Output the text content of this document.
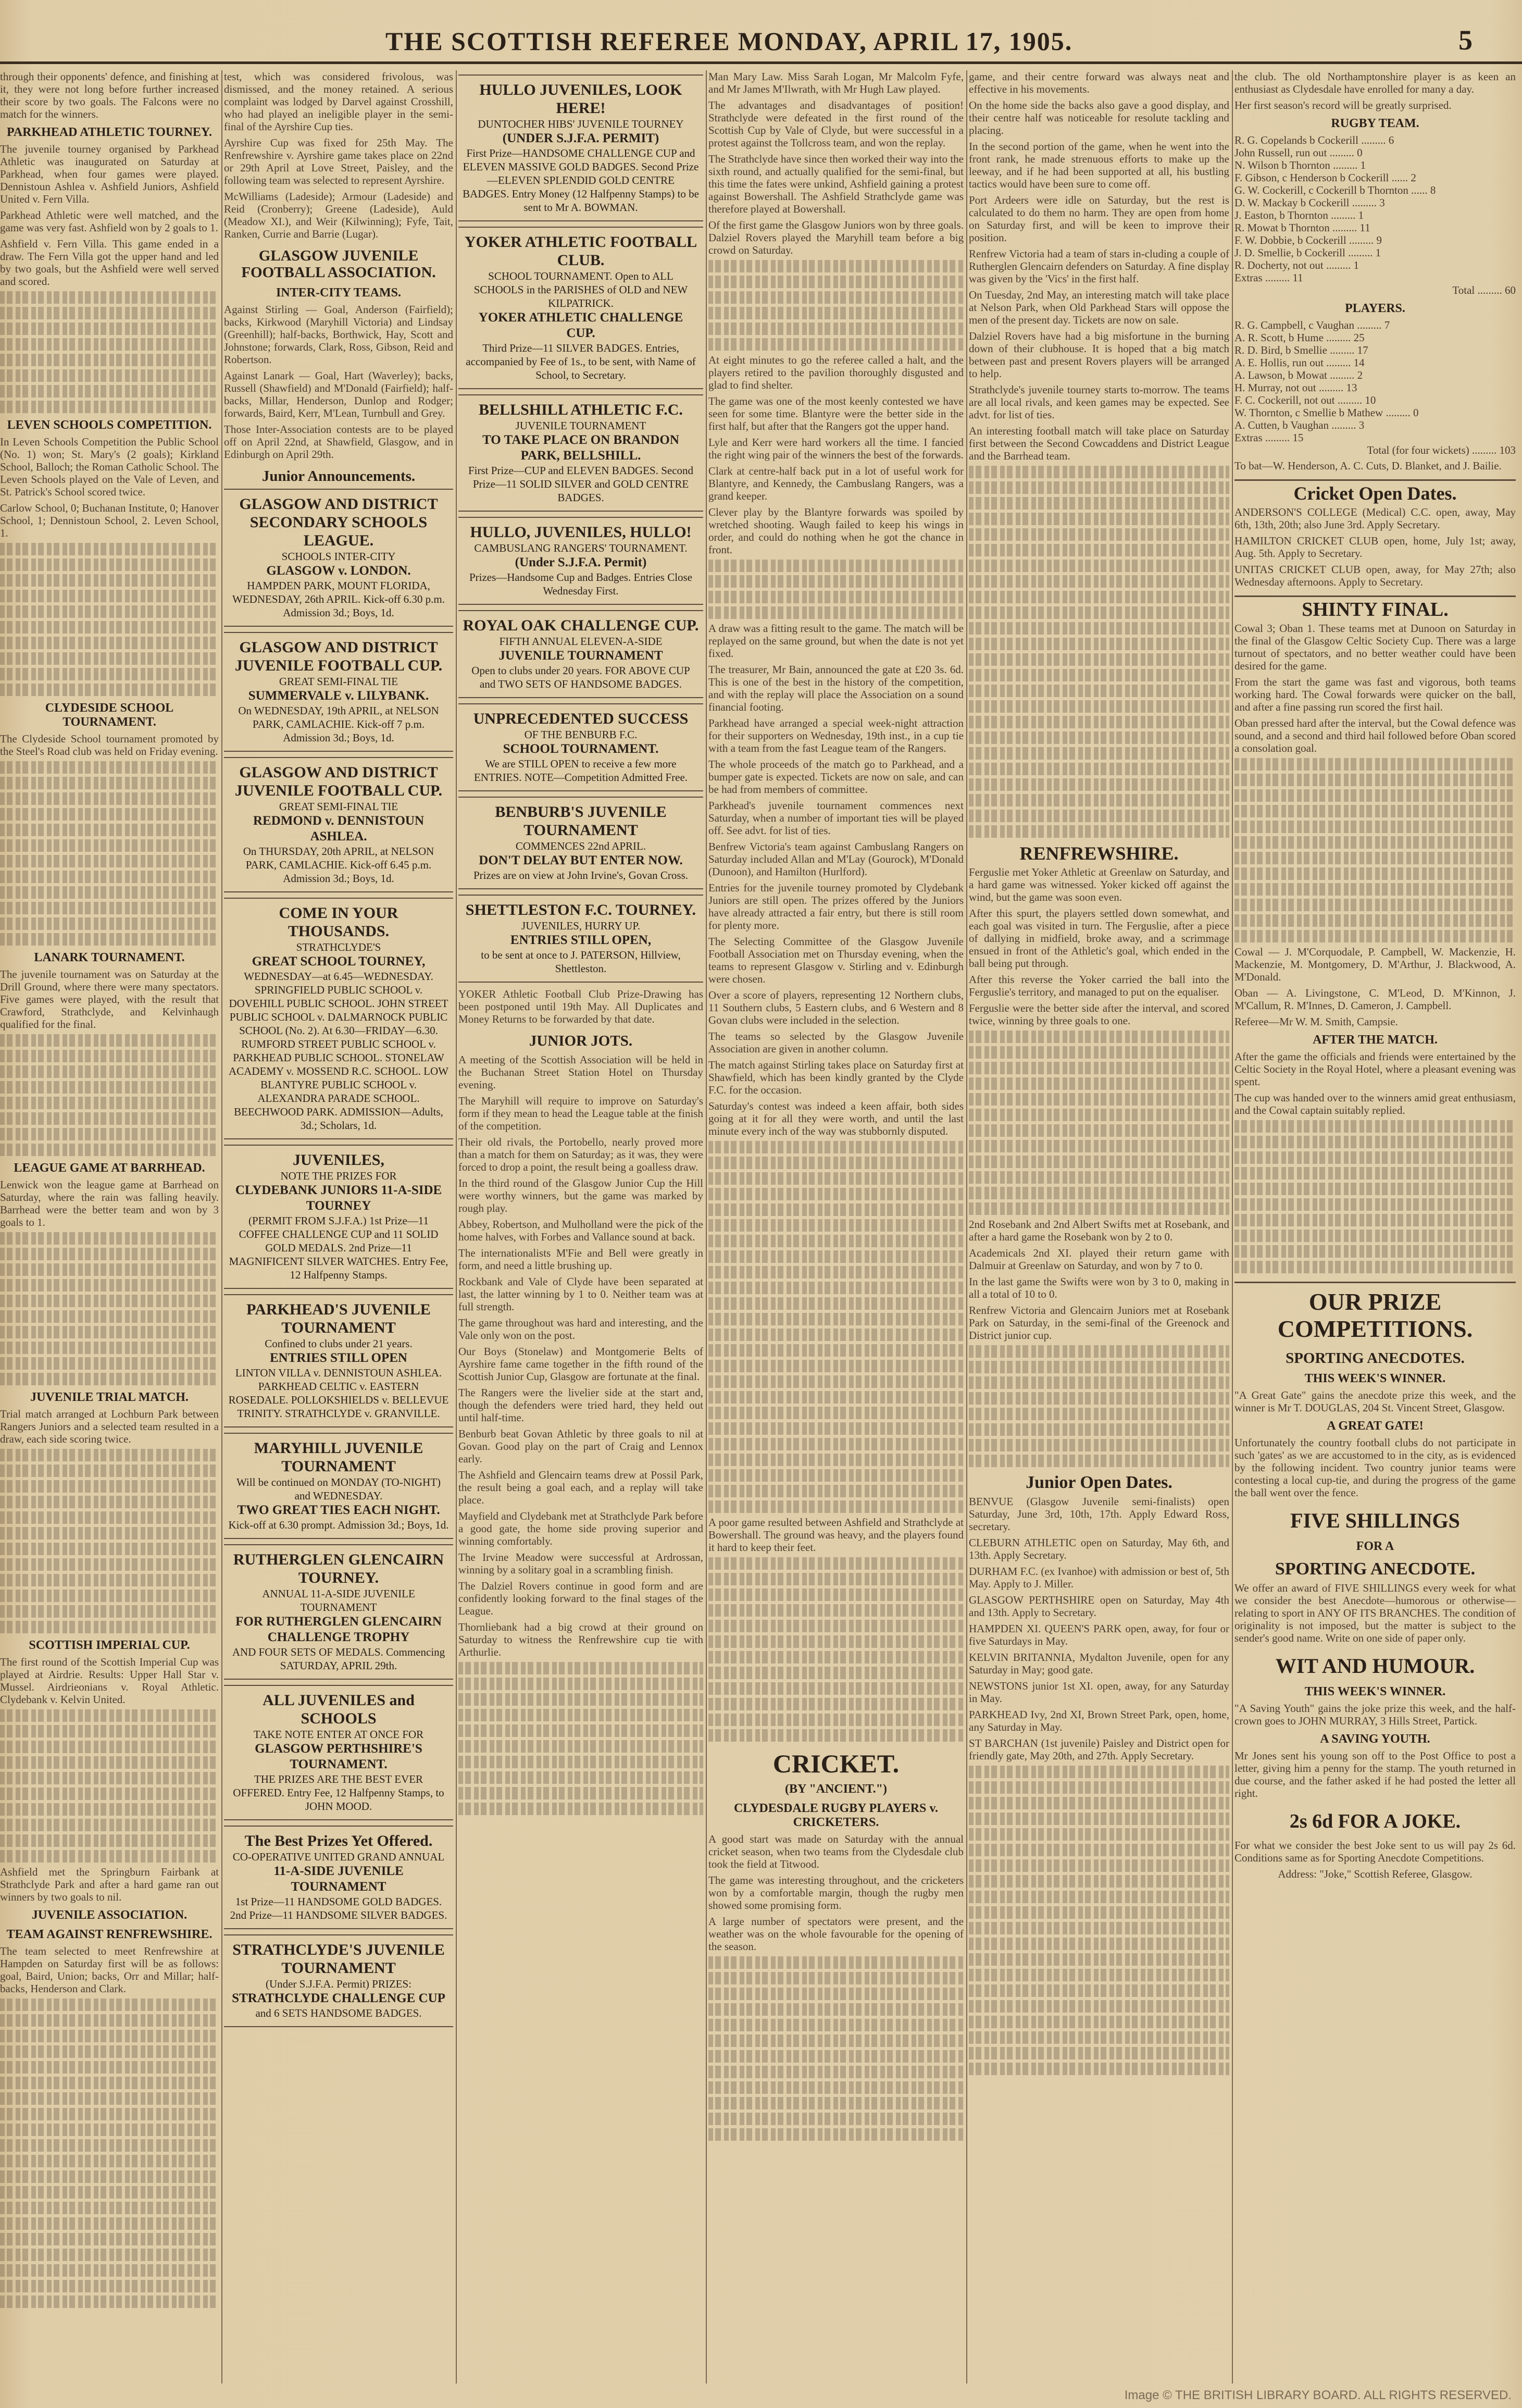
THE SCOTTISH REFEREE MONDAY, APRIL 17, 1905.	5

through their opponents' defence, and finishing at it, they were not long before further increased their score by two goals. The Falcons were no match for the winners.

PARKHEAD ATHLETIC TOURNEY.

The juvenile tourney organised by Parkhead Athletic was inaugurated on Saturday at Parkhead, when four games were played. Dennistoun Ashlea v. Ashfield Juniors, Ashfield United v. Fern Villa.

Parkhead Athletic were well matched, and the game was very fast. Ashfield won by 2 goals to 1.

Ashfield v. Fern Villa. This game ended in a draw. The Fern Villa got the upper hand and led by two goals, but the Ashfield were well served and scored.

LEVEN SCHOOLS COMPETITION.

In Leven Schools Competition the Public School (No. 1) won; St. Mary's (2 goals); Kirkland School, Balloch; the Roman Catholic School. The Leven Schools played on the Vale of Leven, and St. Patrick's School scored twice.

Carlow School, 0; Buchanan Institute, 0; Hanover School, 1; Dennistoun School, 2. Leven School, 1.

CLYDESIDE SCHOOL TOURNAMENT.

The Clydeside School tournament promoted by the Steel's Road club was held on Friday evening.

LANARK TOURNAMENT.

The juvenile tournament was on Saturday at the Drill Ground, where there were many spectators. Five games were played, with the result that Crawford, Strathclyde, and Kelvinhaugh qualified for the final.

LEAGUE GAME AT BARRHEAD.

Lenwick won the league game at Barrhead on Saturday, where the rain was falling heavily. Barrhead were the better team and won by 3 goals to 1.

JUVENILE TRIAL MATCH.

Trial match arranged at Lochburn Park between Rangers Juniors and a selected team resulted in a draw, each side scoring twice.

SCOTTISH IMPERIAL CUP.

The first round of the Scottish Imperial Cup was played at Airdrie. Results: Upper Hall Star v. Mussel. Airdrieonians v. Royal Athletic. Clydebank v. Kelvin United.

Ashfield met the Springburn Fairbank at Strathclyde Park and after a hard game ran out winners by two goals to nil.

JUVENILE ASSOCIATION.
TEAM AGAINST RENFREWSHIRE.

The team selected to meet Renfrewshire at Hampden on Saturday first will be as follows: goal, Baird, Union; backs, Orr and Millar; half-backs, Henderson and Clark.

test, which was considered frivolous, was dismissed, and the money retained. A serious complaint was lodged by Darvel against Crosshill, who had played an ineligible player in the semi-final of the Ayrshire Cup ties.

Ayrshire Cup was fixed for 25th May. The Renfrewshire v. Ayrshire game takes place on 22nd or 29th April at Love Street, Paisley, and the following team was selected to represent Ayrshire.

McWilliams (Ladeside); Armour (Ladeside) and Reid (Cronberry); Greene (Ladeside), Auld (Meadow XI.), and Weir (Kilwinning); Fyfe, Tait, Ranken, Currie and Barrie (Lugar).

GLASGOW JUVENILE FOOTBALL ASSOCIATION.
INTER-CITY TEAMS.

Against Stirling — Goal, Anderson (Fairfield); backs, Kirkwood (Maryhill Victoria) and Lindsay (Greenhill); half-backs, Borthwick, Hay, Scott and Johnstone; forwards, Clark, Ross, Gibson, Reid and Robertson.

Against Lanark — Goal, Hart (Waverley); backs, Russell (Shawfield) and M'Donald (Fairfield); half-backs, Millar, Henderson, Dunlop and Rodger; forwards, Baird, Kerr, M'Lean, Turnbull and Grey.

Those Inter-Association contests are to be played off on April 22nd, at Shawfield, Glasgow, and in Edinburgh on April 29th.

Junior Announcements.
GLASGOW AND DISTRICT SECONDARY SCHOOLS LEAGUE.
SCHOOLS INTER-CITY
GLASGOW v. LONDON.
HAMPDEN PARK, MOUNT FLORIDA, WEDNESDAY, 26th APRIL. Kick-off 6.30 p.m. Admission 3d.; Boys, 1d.
GLASGOW AND DISTRICT JUVENILE FOOTBALL CUP.
GREAT SEMI-FINAL TIE
SUMMERVALE v. LILYBANK.
On WEDNESDAY, 19th APRIL, at NELSON PARK, CAMLACHIE. Kick-off 7 p.m. Admission 3d.; Boys, 1d.
GLASGOW AND DISTRICT JUVENILE FOOTBALL CUP.
GREAT SEMI-FINAL TIE
REDMOND v. DENNISTOUN ASHLEA.
On THURSDAY, 20th APRIL, at NELSON PARK, CAMLACHIE. Kick-off 6.45 p.m. Admission 3d.; Boys, 1d.
COME IN YOUR THOUSANDS.
STRATHCLYDE'S
GREAT SCHOOL TOURNEY,
WEDNESDAY—at 6.45—WEDNESDAY. SPRINGFIELD PUBLIC SCHOOL v. DOVEHILL PUBLIC SCHOOL. JOHN STREET PUBLIC SCHOOL v. DALMARNOCK PUBLIC SCHOOL (No. 2). At 6.30—FRIDAY—6.30. RUMFORD STREET PUBLIC SCHOOL v. PARKHEAD PUBLIC SCHOOL. STONELAW ACADEMY v. MOSSEND R.C. SCHOOL. LOW BLANTYRE PUBLIC SCHOOL v. ALEXANDRA PARADE SCHOOL. BEECHWOOD PARK. ADMISSION—Adults, 3d.; Scholars, 1d.
JUVENILES,
NOTE THE PRIZES FOR
CLYDEBANK JUNIORS 11-A-SIDE TOURNEY
(PERMIT FROM S.J.F.A.) 1st Prize—11 COFFEE CHALLENGE CUP and 11 SOLID GOLD MEDALS. 2nd Prize—11 MAGNIFICENT SILVER WATCHES. Entry Fee, 12 Halfpenny Stamps.
PARKHEAD'S JUVENILE TOURNAMENT
Confined to clubs under 21 years.
ENTRIES STILL OPEN
LINTON VILLA v. DENNISTOUN ASHLEA. PARKHEAD CELTIC v. EASTERN ROSEDALE. POLLOKSHIELDS v. BELLEVUE TRINITY. STRATHCLYDE v. GRANVILLE.
MARYHILL JUVENILE TOURNAMENT
Will be continued on MONDAY (TO-NIGHT) and WEDNESDAY.
TWO GREAT TIES EACH NIGHT.
Kick-off at 6.30 prompt. Admission 3d.; Boys, 1d.
RUTHERGLEN GLENCAIRN TOURNEY.
ANNUAL 11-A-SIDE JUVENILE TOURNAMENT
FOR RUTHERGLEN GLENCAIRN CHALLENGE TROPHY
AND FOUR SETS OF MEDALS. Commencing SATURDAY, APRIL 29th.
ALL JUVENILES and SCHOOLS
TAKE NOTE ENTER AT ONCE FOR
GLASGOW PERTHSHIRE'S TOURNAMENT.
THE PRIZES ARE THE BEST EVER OFFERED. Entry Fee, 12 Halfpenny Stamps, to JOHN MOOD.
The Best Prizes Yet Offered.
CO-OPERATIVE UNITED GRAND ANNUAL
11-A-SIDE JUVENILE TOURNAMENT
1st Prize—11 HANDSOME GOLD BADGES. 2nd Prize—11 HANDSOME SILVER BADGES.
STRATHCLYDE'S JUVENILE TOURNAMENT
(Under S.J.F.A. Permit) PRIZES:
STRATHCLYDE CHALLENGE CUP
and 6 SETS HANDSOME BADGES.
HULLO JUVENILES, LOOK HERE!
DUNTOCHER HIBS' JUVENILE TOURNEY
(UNDER S.J.F.A. PERMIT)
First Prize—HANDSOME CHALLENGE CUP and ELEVEN MASSIVE GOLD BADGES. Second Prize—ELEVEN SPLENDID GOLD CENTRE BADGES. Entry Money (12 Halfpenny Stamps) to be sent to Mr A. BOWMAN.
YOKER ATHLETIC FOOTBALL CLUB.
SCHOOL TOURNAMENT. Open to ALL SCHOOLS in the PARISHES of OLD and NEW KILPATRICK.
YOKER ATHLETIC CHALLENGE CUP.
Third Prize—11 SILVER BADGES. Entries, accompanied by Fee of 1s., to be sent, with Name of School, to Secretary.
BELLSHILL ATHLETIC F.C.
JUVENILE TOURNAMENT
TO TAKE PLACE ON BRANDON PARK, BELLSHILL.
First Prize—CUP and ELEVEN BADGES. Second Prize—11 SOLID SILVER and GOLD CENTRE BADGES.
HULLO, JUVENILES, HULLO!
CAMBUSLANG RANGERS' TOURNAMENT.
(Under S.J.F.A. Permit)
Prizes—Handsome Cup and Badges. Entries Close Wednesday First.
ROYAL OAK CHALLENGE CUP.
FIFTH ANNUAL ELEVEN-A-SIDE
JUVENILE TOURNAMENT
Open to clubs under 20 years. FOR ABOVE CUP and TWO SETS OF HANDSOME BADGES.
UNPRECEDENTED SUCCESS
OF THE BENBURB F.C.
SCHOOL TOURNAMENT.
We are STILL OPEN to receive a few more ENTRIES. NOTE—Competition Admitted Free.
BENBURB'S JUVENILE TOURNAMENT
COMMENCES 22nd APRIL.
DON'T DELAY BUT ENTER NOW.
Prizes are on view at John Irvine's, Govan Cross.
SHETTLESTON F.C. TOURNEY.
JUVENILES, HURRY UP.
ENTRIES STILL OPEN,
to be sent at once to J. PATERSON, Hillview, Shettleston.

YOKER Athletic Football Club Prize-Drawing has been postponed until 19th May. All Duplicates and Money Returns to be forwarded by that date.

JUNIOR JOTS.

A meeting of the Scottish Association will be held in the Buchanan Street Station Hotel on Thursday evening.

The Maryhill will require to improve on Saturday's form if they mean to head the League table at the finish of the competition.

Their old rivals, the Portobello, nearly proved more than a match for them on Saturday; as it was, they were forced to drop a point, the result being a goalless draw.

In the third round of the Glasgow Junior Cup the Hill were worthy winners, but the game was marked by rough play.

Abbey, Robertson, and Mulholland were the pick of the home halves, with Forbes and Vallance sound at back.

The internationalists M'Fie and Bell were greatly in form, and need a little brushing up.

Rockbank and Vale of Clyde have been separated at last, the latter winning by 1 to 0. Neither team was at full strength.

The game throughout was hard and interesting, and the Vale only won on the post.

Our Boys (Stonelaw) and Montgomerie Belts of Ayrshire fame came together in the fifth round of the Scottish Junior Cup, Glasgow are fortunate at the final.

The Rangers were the livelier side at the start and, though the defenders were tried hard, they held out until half-time.

Benburb beat Govan Athletic by three goals to nil at Govan. Good play on the part of Craig and Lennox early.

The Ashfield and Glencairn teams drew at Possil Park, the result being a goal each, and a replay will take place.

Mayfield and Clydebank met at Strathclyde Park before a good gate, the home side proving superior and winning comfortably.

The Irvine Meadow were successful at Ardrossan, winning by a solitary goal in a scrambling finish.

The Dalziel Rovers continue in good form and are confidently looking forward to the final stages of the League.

Thornliebank had a big crowd at their ground on Saturday to witness the Renfrewshire cup tie with Arthurlie.

Man Mary Law. Miss Sarah Logan, Mr Malcolm Fyfe, and Mr James M'Ilwrath, with Mr Hugh Law played.

The advantages and disadvantages of position! Strathclyde were defeated in the first round of the Scottish Cup by Vale of Clyde, but were successful in a protest against the Tollcross team, and won the replay.

The Strathclyde have since then worked their way into the sixth round, and actually qualified for the semi-final, but this time the fates were unkind, Ashfield gaining a protest against Bowershall. The Ashfield Strathclyde game was therefore played at Bowershall.

Of the first game the Glasgow Juniors won by three goals. Dalziel Rovers played the Maryhill team before a big crowd on Saturday.

At eight minutes to go the referee called a halt, and the players retired to the pavilion thoroughly disgusted and glad to find shelter.

The game was one of the most keenly contested we have seen for some time. Blantyre were the better side in the first half, but after that the Rangers got the upper hand.

Lyle and Kerr were hard workers all the time. I fancied the right wing pair of the winners the best of the forwards.

Clark at centre-half back put in a lot of useful work for Blantyre, and Kennedy, the Cambuslang Rangers, was a grand keeper.

Clever play by the Blantyre forwards was spoiled by wretched shooting. Waugh failed to keep his wings in order, and could do nothing when he got the chance in front.

A draw was a fitting result to the game. The match will be replayed on the same ground, but when the date is not yet fixed.

The treasurer, Mr Bain, announced the gate at £20 3s. 6d. This is one of the best in the history of the competition, and with the replay will place the Association on a sound financial footing.

Parkhead have arranged a special week-night attraction for their supporters on Wednesday, 19th inst., in a cup tie with a team from the fast League team of the Rangers.

The whole proceeds of the match go to Parkhead, and a bumper gate is expected. Tickets are now on sale, and can be had from members of committee.

Parkhead's juvenile tournament commences next Saturday, when a number of important ties will be played off. See advt. for list of ties.

Benfrew Victoria's team against Cambuslang Rangers on Saturday included Allan and M'Lay (Gourock), M'Donald (Dunoon), and Hamilton (Hurlford).

Entries for the juvenile tourney promoted by Clydebank Juniors are still open. The prizes offered by the Juniors have already attracted a fair entry, but there is still room for plenty more.

The Selecting Committee of the Glasgow Juvenile Football Association met on Thursday evening, when the teams to represent Glasgow v. Stirling and v. Edinburgh were chosen.

Over a score of players, representing 12 Northern clubs, 11 Southern clubs, 5 Eastern clubs, and 6 Western and 8 Govan clubs were included in the selection.

The teams so selected by the Glasgow Juvenile Association are given in another column.

The match against Stirling takes place on Saturday first at Shawfield, which has been kindly granted by the Clyde F.C. for the occasion.

Saturday's contest was indeed a keen affair, both sides going at it for all they were worth, and until the last minute every inch of the way was stubbornly disputed.

A poor game resulted between Ashfield and Strathclyde at Bowershall. The ground was heavy, and the players found it hard to keep their feet.

CRICKET.
(BY "ANCIENT.")
CLYDESDALE RUGBY PLAYERS v. CRICKETERS.

A good start was made on Saturday with the annual cricket season, when two teams from the Clydesdale club took the field at Titwood.

The game was interesting throughout, and the cricketers won by a comfortable margin, though the rugby men showed some promising form.

A large number of spectators were present, and the weather was on the whole favourable for the opening of the season.

game, and their centre forward was always neat and effective in his movements.

On the home side the backs also gave a good display, and their centre half was noticeable for resolute tackling and placing.

In the second portion of the game, when he went into the front rank, he made strenuous efforts to make up the leeway, and if he had been supported at all, his bustling tactics would have been sure to come off.

Port Ardeers were idle on Saturday, but the rest is calculated to do them no harm. They are open from home on Saturday first, and will be keen to improve their position.

Renfrew Victoria had a team of stars in-cluding a couple of Rutherglen Glencairn defenders on Saturday. A fine display was given by the 'Vics' in the first half.

On Tuesday, 2nd May, an interesting match will take place at Nelson Park, when Old Parkhead Stars will oppose the men of the present day. Tickets are now on sale.

Dalziel Rovers have had a big misfortune in the burning down of their clubhouse. It is hoped that a big match between past and present Rovers players will be arranged to help.

Strathclyde's juvenile tourney starts to-morrow. The teams are all local rivals, and keen games may be expected. See advt. for list of ties.

An interesting football match will take place on Saturday first between the Second Cowcaddens and District League and the Barrhead team.

RENFREWSHIRE.

Ferguslie met Yoker Athletic at Greenlaw on Saturday, and a hard game was witnessed. Yoker kicked off against the wind, but the game was soon even.

After this spurt, the players settled down somewhat, and each goal was visited in turn. The Ferguslie, after a piece of dallying in midfield, broke away, and a scrimmage ensued in front of the Athletic's goal, which ended in the ball being put through.

After this reverse the Yoker carried the ball into the Ferguslie's territory, and managed to put on the equaliser.

Ferguslie were the better side after the interval, and scored twice, winning by three goals to one.

2nd Rosebank and 2nd Albert Swifts met at Rosebank, and after a hard game the Rosebank won by 2 to 0.

Academicals 2nd XI. played their return game with Dalmuir at Greenlaw on Saturday, and won by 7 to 0.

In the last game the Swifts were won by 3 to 0, making in all a total of 10 to 0.

Renfrew Victoria and Glencairn Juniors met at Rosebank Park on Saturday, in the semi-final of the Greenock and District junior cup.

Junior Open Dates.

BENVUE (Glasgow Juvenile semi-finalists) open Saturday, June 3rd, 10th, 17th. Apply Edward Ross, secretary.

CLEBURN ATHLETIC open on Saturday, May 6th, and 13th. Apply Secretary.

DURHAM F.C. (ex Ivanhoe) with admission or best of, 5th May. Apply to J. Miller.

GLASGOW PERTHSHIRE open on Saturday, May 4th and 13th. Apply to Secretary.

HAMPDEN XI. QUEEN'S PARK open, away, for four or five Saturdays in May.

KELVIN BRITANNIA, Mydalton Juvenile, open for any Saturday in May; good gate.

NEWSTONS junior 1st XI. open, away, for any Saturday in May.

PARKHEAD Ivy, 2nd XI, Brown Street Park, open, home, any Saturday in May.

ST BARCHAN (1st juvenile) Paisley and District open for friendly gate, May 20th, and 27th. Apply Secretary.

the club. The old Northamptonshire player is as keen an enthusiast as Clydesdale have enrolled for many a day.

Her first season's record will be greatly surprised.

RUGBY TEAM.

R. G. Copelands b Cockerill ......... 6

John Russell, run out ......... 0

N. Wilson b Thornton ......... 1

F. Gibson, c Henderson b Cockerill ...... 2

G. W. Cockerill, c Cockerill b Thornton ...... 8

D. W. Mackay b Cockerill ......... 3

J. Easton, b Thornton ......... 1

R. Mowat b Thornton ......... 11

F. W. Dobbie, b Cockerill ......... 9

J. D. Smellie, b Cockerill ......... 1

R. Docherty, not out ......... 1

Extras ......... 11

Total ......... 60

PLAYERS.

R. G. Campbell, c Vaughan ......... 7

A. R. Scott, b Hume ......... 25

R. D. Bird, b Smellie ......... 17

A. E. Hollis, run out ......... 14

A. Lawson, b Mowat ......... 2

H. Murray, not out ......... 13

F. C. Cockerill, not out ......... 10

W. Thornton, c Smellie b Mathew ......... 0

A. Cutten, b Vaughan ......... 3

Extras ......... 15

Total (for four wickets) ......... 103

To bat—W. Henderson, A. C. Cuts, D. Blanket, and J. Bailie.

Cricket Open Dates.

ANDERSON'S COLLEGE (Medical) C.C. open, away, May 6th, 13th, 20th; also June 3rd. Apply Secretary.

HAMILTON CRICKET CLUB open, home, July 1st; away, Aug. 5th. Apply to Secretary.

UNITAS CRICKET CLUB open, away, for May 27th; also Wednesday afternoons. Apply to Secretary.

SHINTY FINAL.

Cowal 3; Oban 1. These teams met at Dunoon on Saturday in the final of the Glasgow Celtic Society Cup. There was a large turnout of spectators, and no better weather could have been desired for the game.

From the start the game was fast and vigorous, both teams working hard. The Cowal forwards were quicker on the ball, and after a fine passing run scored the first hail.

Oban pressed hard after the interval, but the Cowal defence was sound, and a second and third hail followed before Oban scored a consolation goal.

Cowal — J. M'Corquodale, P. Campbell, W. Mackenzie, H. Mackenzie, M. Montgomery, D. M'Arthur, J. Blackwood, A. M'Donald.

Oban — A. Livingstone, C. M'Leod, D. M'Kinnon, J. M'Callum, R. M'Innes, D. Cameron, J. Campbell.

Referee—Mr W. M. Smith, Campsie.

AFTER THE MATCH.

After the game the officials and friends were entertained by the Celtic Society in the Royal Hotel, where a pleasant evening was spent.

The cup was handed over to the winners amid great enthusiasm, and the Cowal captain suitably replied.

OUR PRIZE COMPETITIONS.
SPORTING ANECDOTES.
THIS WEEK'S WINNER.

"A Great Gate" gains the anecdote prize this week, and the winner is Mr T. DOUGLAS, 204 St. Vincent Street, Glasgow.

A GREAT GATE!

Unfortunately the country football clubs do not participate in such 'gates' as we are accustomed to in the city, as is evidenced by the following incident. Two country junior teams were contesting a local cup-tie, and during the progress of the game the ball went over the fence.

FIVE SHILLINGS
FOR A
SPORTING ANECDOTE.

We offer an award of FIVE SHILLINGS every week for what we consider the best Anecdote—humorous or otherwise—relating to sport in ANY OF ITS BRANCHES. The condition of originality is not imposed, but the matter is subject to the sender's good name. Write on one side of paper only.

WIT AND HUMOUR.
THIS WEEK'S WINNER.

"A Saving Youth" gains the joke prize this week, and the half-crown goes to JOHN MURRAY, 3 Hills Street, Partick.

A SAVING YOUTH.

Mr Jones sent his young son off to the Post Office to post a letter, giving him a penny for the stamp. The youth returned in due course, and the father asked if he had posted the letter all right.

2s 6d FOR A JOKE.

For what we consider the best Joke sent to us will pay 2s 6d. Conditions same as for Sporting Anecdote Competitions.

Address: "Joke," Scottish Referee, Glasgow.

Image © THE BRITISH LIBRARY BOARD. ALL RIGHTS RESERVED.
